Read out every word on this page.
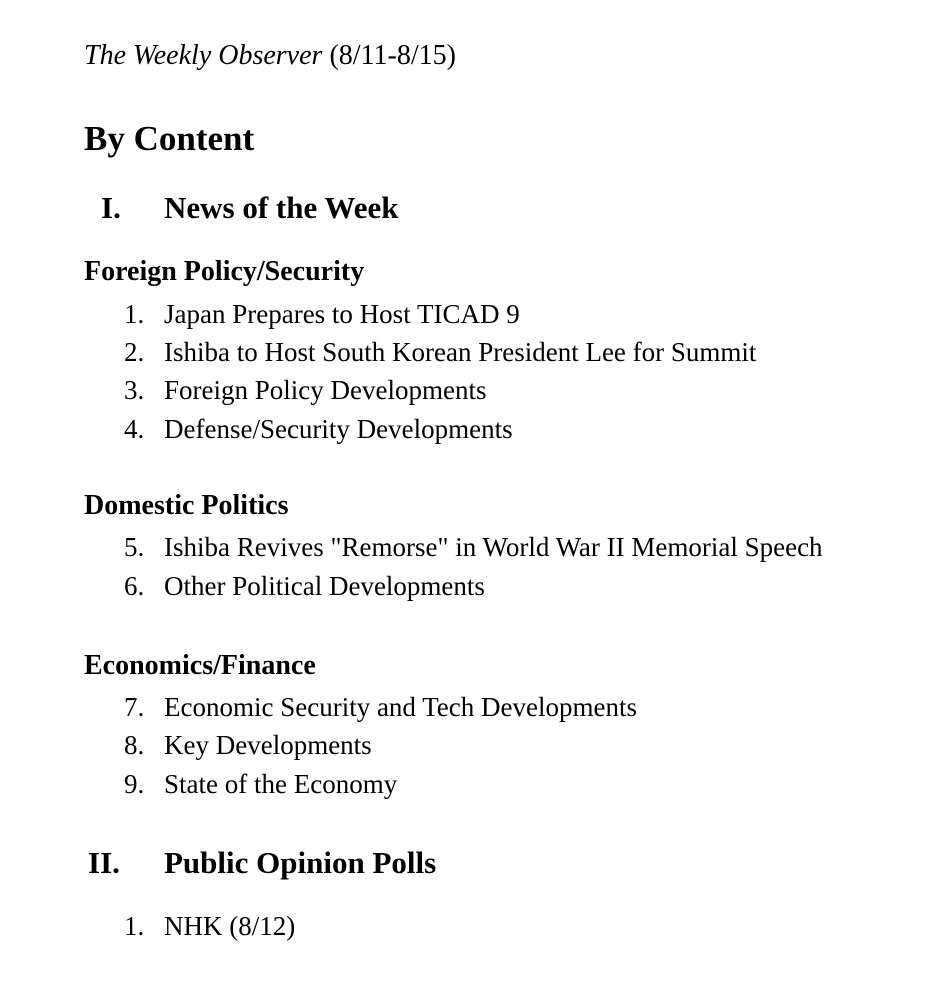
The Weekly Observer (8/11-8/15)
By Content
I. News of the Week
Foreign Policy/Security
1. Japan Prepares to Host TICAD 9
2. Ishiba to Host South Korean President Lee for Summit
3. Foreign Policy Developments
4. Defense/Security Developments
Domestic Politics
5. Ishiba Revives "Remorse" in World War II Memorial Speech
6. Other Political Developments
Economics/Finance
7. Economic Security and Tech Developments
8. Key Developments
9. State of the Economy
II. Public Opinion Polls
1. NHK (8/12)
